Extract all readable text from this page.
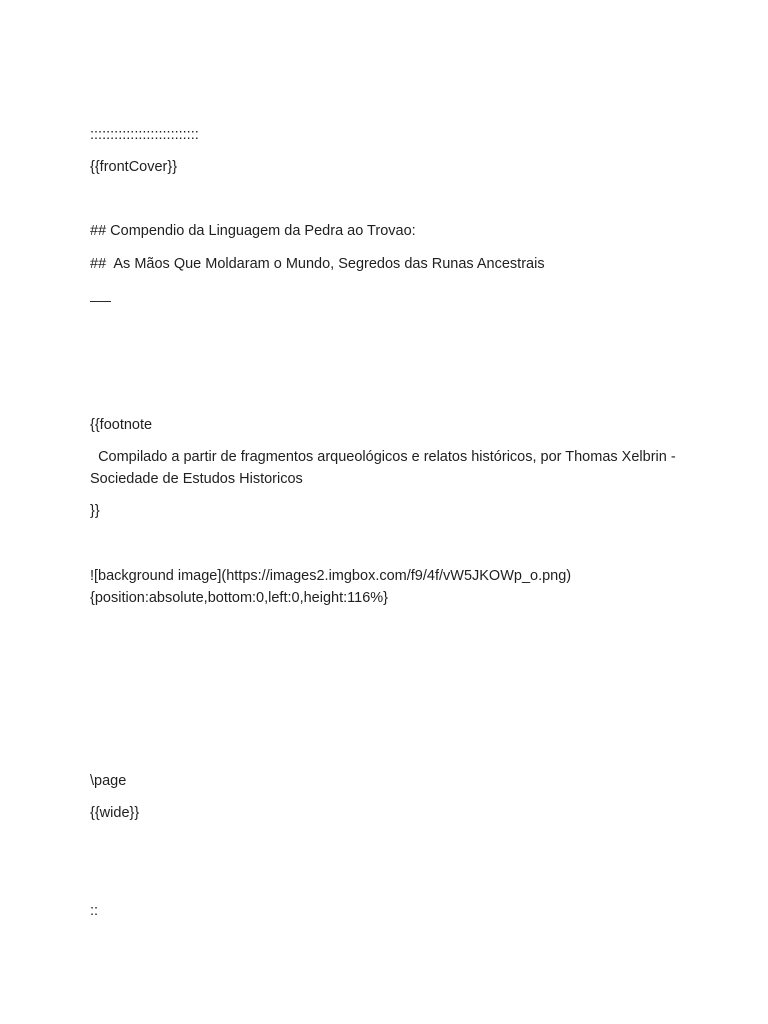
:::::::::::::::::::::::::::

{{frontCover}}

## Compendio da Linguagem da Pedra ao Trovao:

##  As Mãos Que Moldaram o Mundo, Segredos das Runas Ancestrais

{{footnote

Compilado a partir de fragmentos arqueológicos e relatos históricos, por Thomas Xelbrin - Sociedade de Estudos Historicos

}}

![background image](https://images2.imgbox.com/f9/4f/vW5JKOWp_o.png){position:absolute,bottom:0,left:0,height:116%}

\page

{{wide}}

::
